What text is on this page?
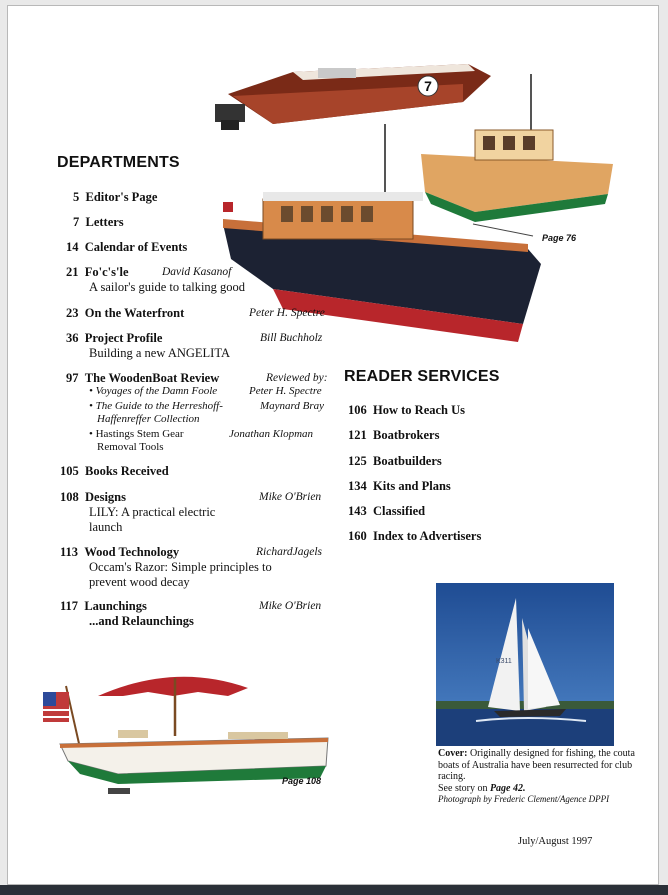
7
Page 76
DEPARTMENTS
5 Editor's Page
7 Letters
14 Calendar of Events
21 Fo'c's'le	David Kasanof

A sailor's guide to talking good
23 On the Waterfront	Peter H. Spectre
36 Project Profile	Bill Buchholz

Building a new ANGELITA
97 The WoodenBoat Review	Reviewed by:
• Voyages of the Damn Foole	Peter H. Spectre
• The Guide to the Herreshoff-	Maynard Bray
Haffenreffer Collection
• Hastings Stem Gear	Jonathan Klopman
Removal Tools
105 Books Received
108 Designs	Mike O'Brien
LILY: A practical electric launch
113 Wood Technology	RichardJagels
Occam's Razor: Simple principles to prevent wood decay
117 Launchings	Mike O'Brien
...and Relaunchings
READER SERVICES
106 How to Reach Us
121 Boatbrokers
125 Boatbuilders
134 Kits and Plans
143 Classified
160 Index to Advertisers
Page 108
K311
Cover: Originally designed for fishing, the couta boats of Australia have been resurrected for club racing.
See story on Page 42.
Photograph by Frederic Clement/Agence DPPI
July/August 1997
